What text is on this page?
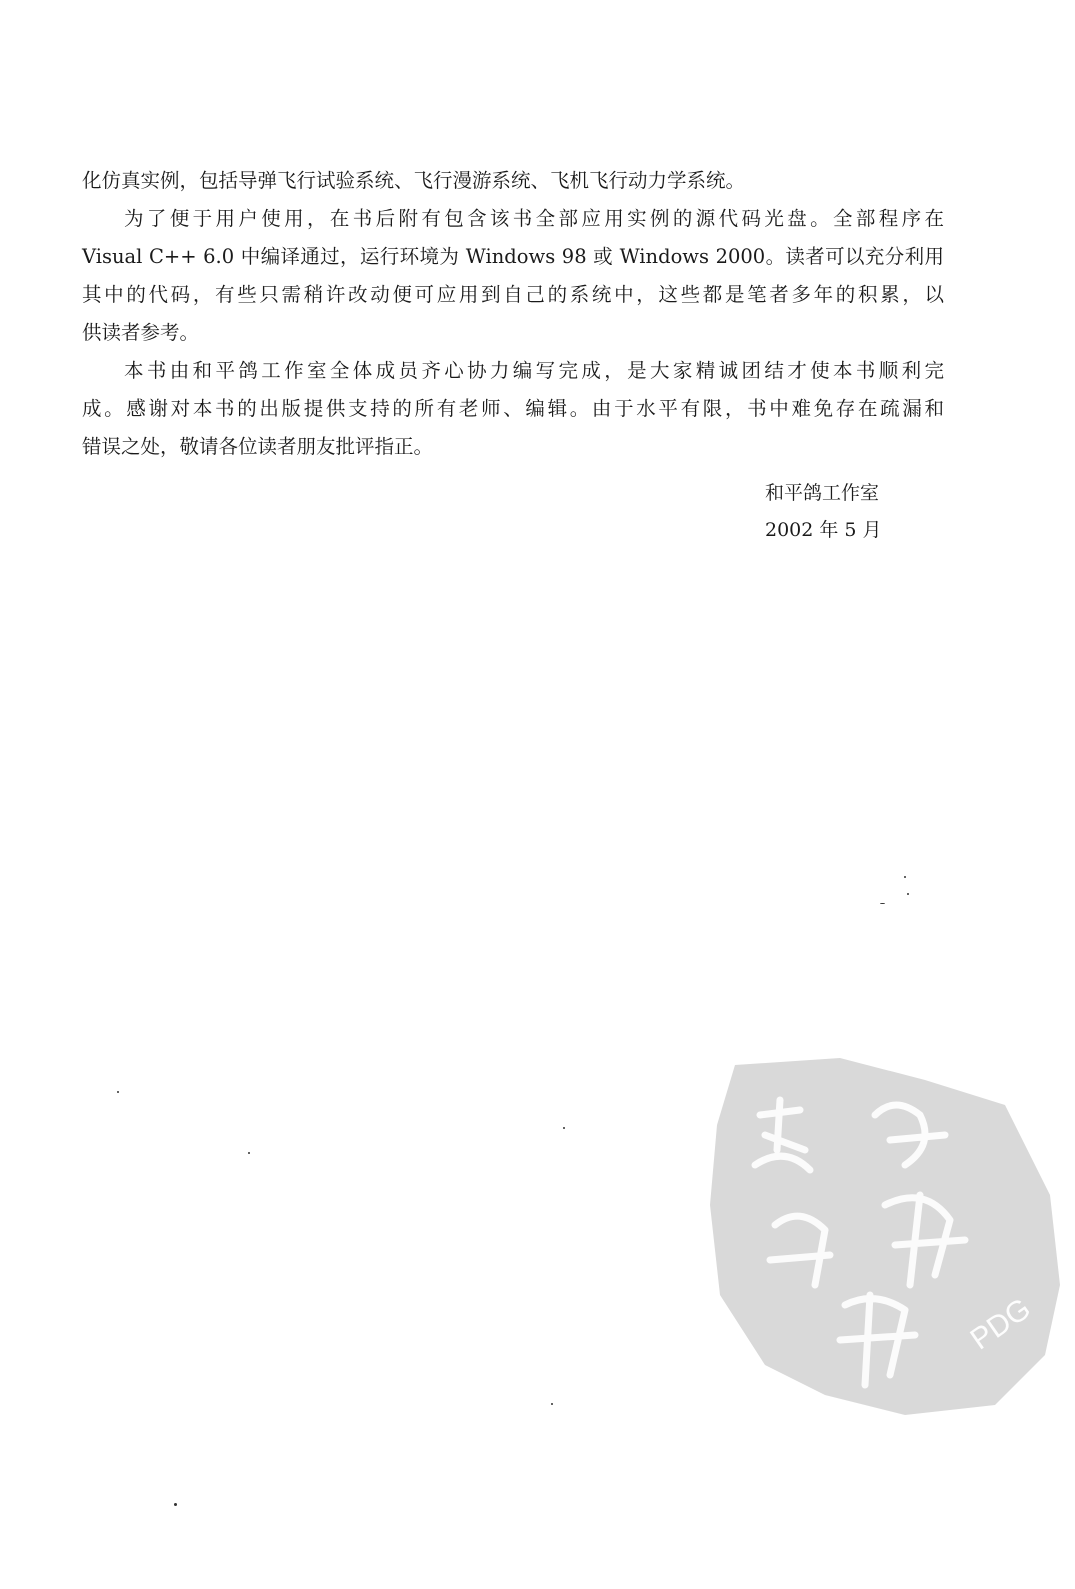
化仿真实例，包括导弹飞行试验系统、飞行漫游系统、飞机飞行动力学系统。
为了便于用户使用，在书后附有包含该书全部应用实例的源代码光盘。全部程序在
Visual C++ 6.0 中编译通过，运行环境为 Windows 98 或 Windows 2000。读者可以充分利用
其中的代码，有些只需稍许改动便可应用到自己的系统中，这些都是笔者多年的积累，以
供读者参考。
本书由和平鸽工作室全体成员齐心协力编写完成，是大家精诚团结才使本书顺利完
成。感谢对本书的出版提供支持的所有老师、编辑。由于水平有限，书中难免存在疏漏和
错误之处，敬请各位读者朋友批评指正。
和平鸽工作室
2002 年 5 月
PDG
